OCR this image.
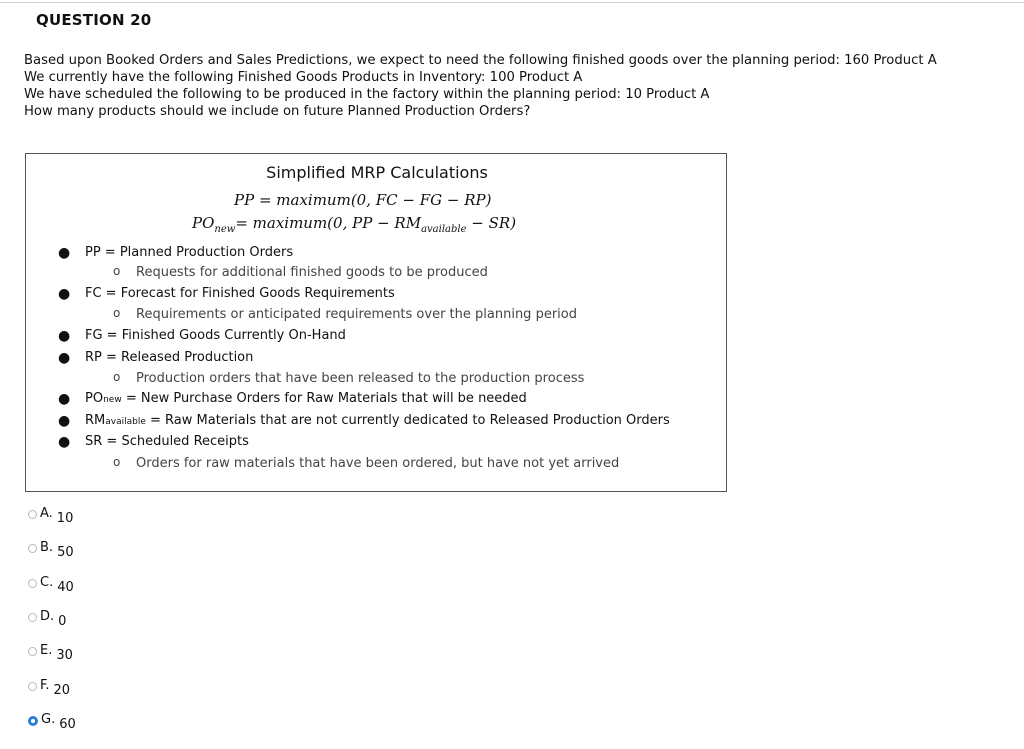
QUESTION 20
Based upon Booked Orders and Sales Predictions, we expect to need the following finished goods over the planning period: 160 Product A
We currently have the following Finished Goods Products in Inventory: 100 Product A
We have scheduled the following to be produced in the factory within the planning period: 10 Product A
How many products should we include on future Planned Production Orders?
Simplified MRP Calculations
PP = maximum(0, FC − FG − RP)
$PO_{new}=$ maximum(0, PP − $RM_{available} - SR$)
● PP = Planned Production Orders
o Requests for additional finished goods to be produced
● FC = Forecast for Finished Goods Requirements
o Requirements or anticipated requirements over the planning period
● FG = Finished Goods Currently On-Hand
● RP = Released Production
o Production orders that have been released to the production process
● POnew = New Purchase Orders for Raw Materials that will be needed
● RMavailable = Raw Materials that are not currently dedicated to Released Production Orders
● SR = Scheduled Receipts
o Orders for raw materials that have been ordered, but have not yet arrived
A. 10
B. 50
C. 40
D. 0
E. 30
F. 20
G. 60
